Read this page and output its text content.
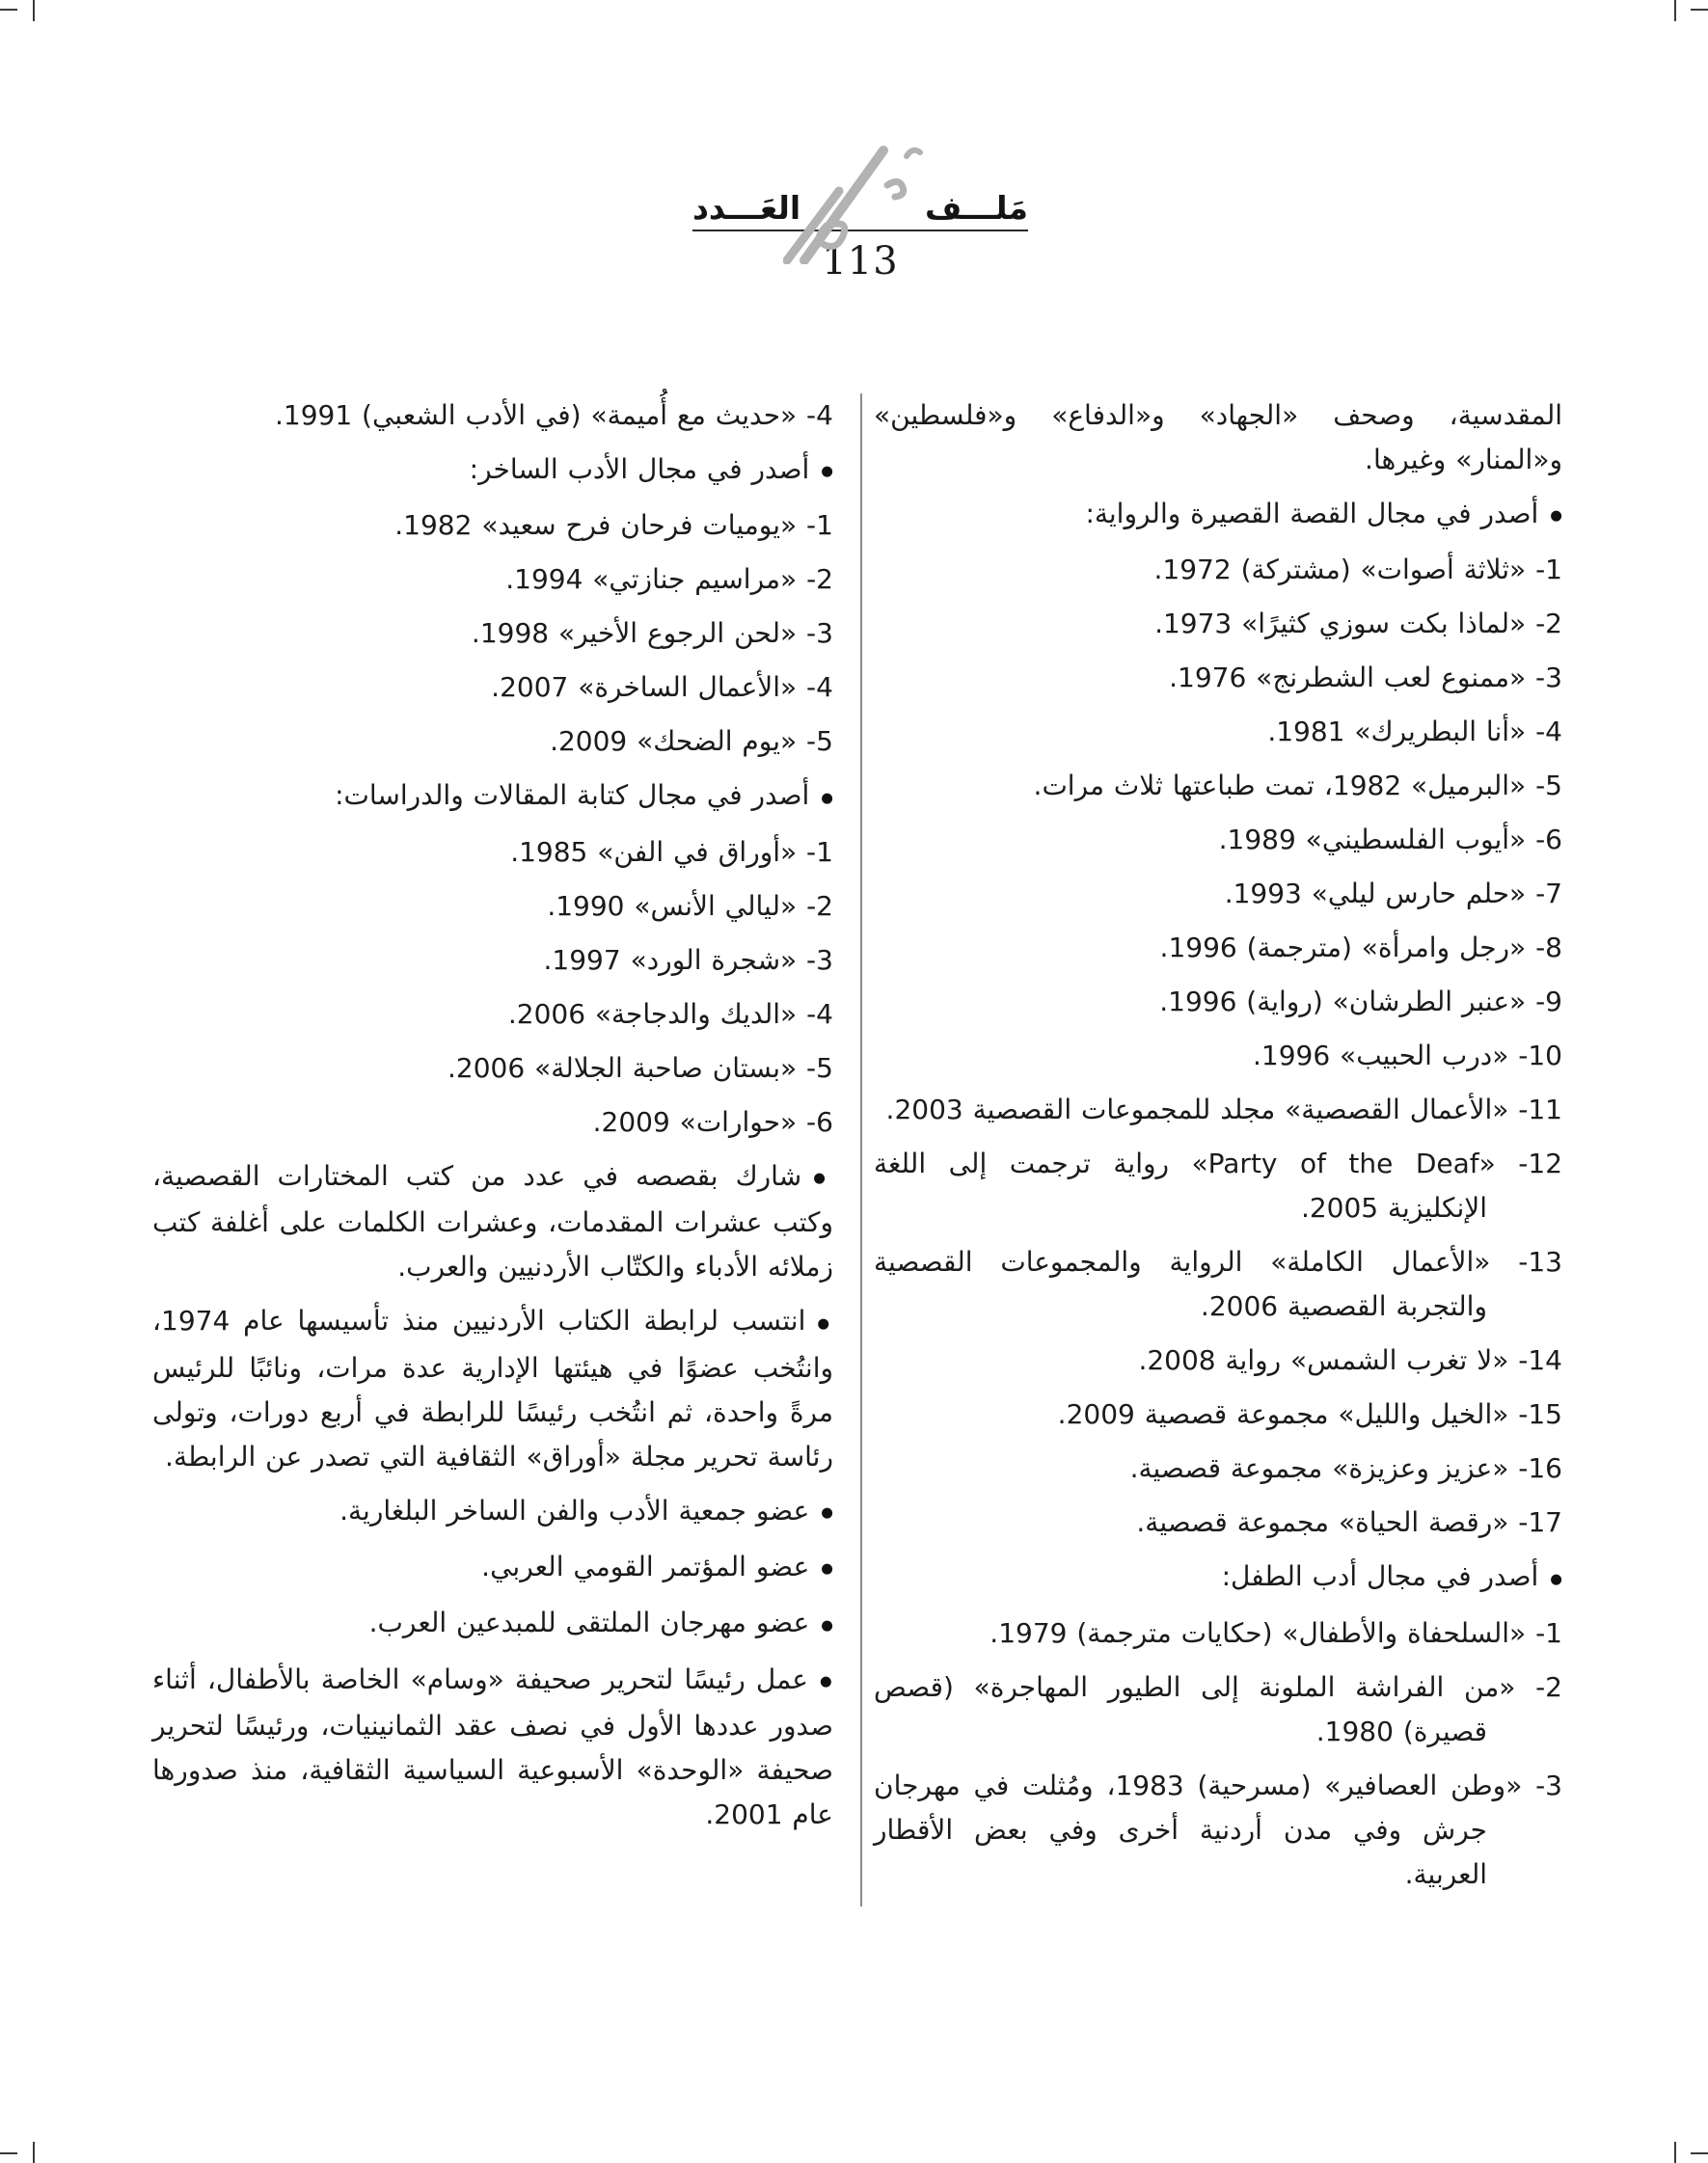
مَلـــف
العَـــدد
113

المقدسية، وصحف «الجهاد» و«الدفاع» و«فلسطين» و«المنار» وغيرها.

●أصدر في مجال القصة القصيرة والرواية:

1- «ثلاثة أصوات» (مشتركة) 1972.

2- «لماذا بكت سوزي كثيرًا» 1973.

3- «ممنوع لعب الشطرنج» 1976.

4- «أنا البطريرك» 1981.

5- «البرميل» 1982، تمت طباعتها ثلاث مرات.

6- «أيوب الفلسطيني» 1989.

7- «حلم حارس ليلي» 1993.

8- «رجل وامرأة» (مترجمة) 1996.

9- «عنبر الطرشان» (رواية) 1996.

10- «درب الحبيب» 1996.

11- «الأعمال القصصية» مجلد للمجموعات القصصية 2003.

12- «Party of the Deaf» رواية ترجمت إلى اللغة الإنكليزية 2005.

13- «الأعمال الكاملة» الرواية والمجموعات القصصية والتجربة القصصية 2006.

14- «لا تغرب الشمس» رواية 2008.

15- «الخيل والليل» مجموعة قصصية 2009.

16- «عزيز وعزيزة» مجموعة قصصية.

17- «رقصة الحياة» مجموعة قصصية.

●أصدر في مجال أدب الطفل:

1- «السلحفاة والأطفال» (حكايات مترجمة) 1979.

2- «من الفراشة الملونة إلى الطيور المهاجرة» (قصص قصيرة) 1980.

3- «وطن العصافير» (مسرحية) 1983، ومُثلت في مهرجان جرش وفي مدن أردنية أخرى وفي بعض الأقطار العربية.

4- «حديث مع أُميمة» (في الأدب الشعبي) 1991.

●أصدر في مجال الأدب الساخر:

1- «يوميات فرحان فرح سعيد» 1982.

2- «مراسيم جنازتي» 1994.

3- «لحن الرجوع الأخير» 1998.

4- «الأعمال الساخرة» 2007.

5- «يوم الضحك» 2009.

●أصدر في مجال كتابة المقالات والدراسات:

1- «أوراق في الفن» 1985.

2- «ليالي الأنس» 1990.

3- «شجرة الورد» 1997.

4- «الديك والدجاجة» 2006.

5- «بستان صاحبة الجلالة» 2006.

6- «حوارات» 2009.

●شارك بقصصه في عدد من كتب المختارات القصصية، وكتب عشرات المقدمات، وعشرات الكلمات على أغلفة كتب زملائه الأدباء والكتّاب الأردنيين والعرب.

●انتسب لرابطة الكتاب الأردنيين منذ تأسيسها عام 1974، وانتُخب عضوًا في هيئتها الإدارية عدة مرات، ونائبًا للرئيس مرةً واحدة، ثم انتُخب رئيسًا للرابطة في أربع دورات، وتولى رئاسة تحرير مجلة «أوراق» الثقافية التي تصدر عن الرابطة.

●عضو جمعية الأدب والفن الساخر البلغارية.

●عضو المؤتمر القومي العربي.

●عضو مهرجان الملتقى للمبدعين العرب.

●عمل رئيسًا لتحرير صحيفة «وسام» الخاصة بالأطفال، أثناء صدور عددها الأول في نصف عقد الثمانينيات، ورئيسًا لتحرير صحيفة «الوحدة» الأسبوعية السياسية الثقافية، منذ صدورها عام 2001.
